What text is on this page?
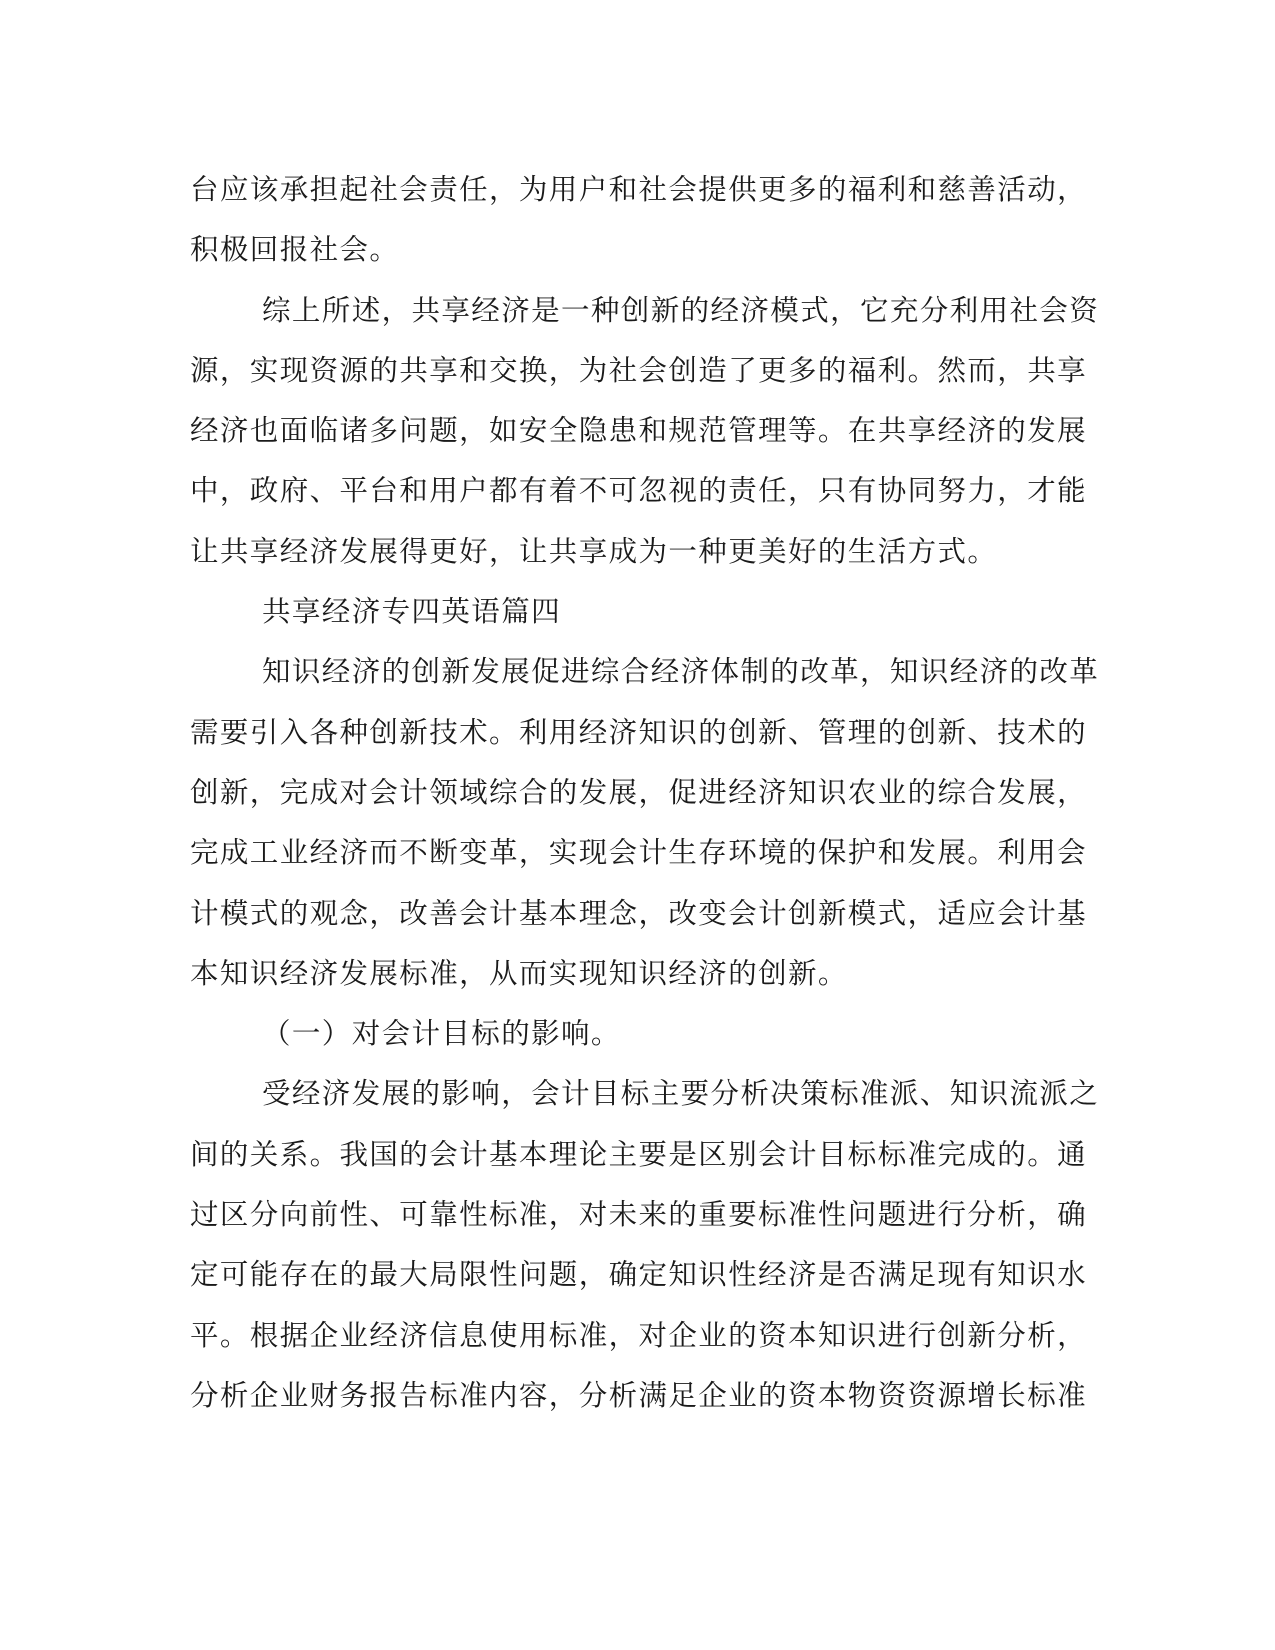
台应该承担起社会责任，为用户和社会提供更多的福利和慈善活动，
积极回报社会。
综上所述，共享经济是一种创新的经济模式，它充分利用社会资
源，实现资源的共享和交换，为社会创造了更多的福利。然而，共享
经济也面临诸多问题，如安全隐患和规范管理等。在共享经济的发展
中，政府、平台和用户都有着不可忽视的责任，只有协同努力，才能
让共享经济发展得更好，让共享成为一种更美好的生活方式。
共享经济专四英语篇四
知识经济的创新发展促进综合经济体制的改革，知识经济的改革
需要引入各种创新技术。利用经济知识的创新、管理的创新、技术的
创新，完成对会计领域综合的发展，促进经济知识农业的综合发展，
完成工业经济而不断变革，实现会计生存环境的保护和发展。利用会
计模式的观念，改善会计基本理念，改变会计创新模式，适应会计基
本知识经济发展标准，从而实现知识经济的创新。
（一）对会计目标的影响。
受经济发展的影响，会计目标主要分析决策标准派、知识流派之
间的关系。我国的会计基本理论主要是区别会计目标标准完成的。通
过区分向前性、可靠性标准，对未来的重要标准性问题进行分析，确
定可能存在的最大局限性问题，确定知识性经济是否满足现有知识水
平。根据企业经济信息使用标准，对企业的资本知识进行创新分析，
分析企业财务报告标准内容，分析满足企业的资本物资资源增长标准
